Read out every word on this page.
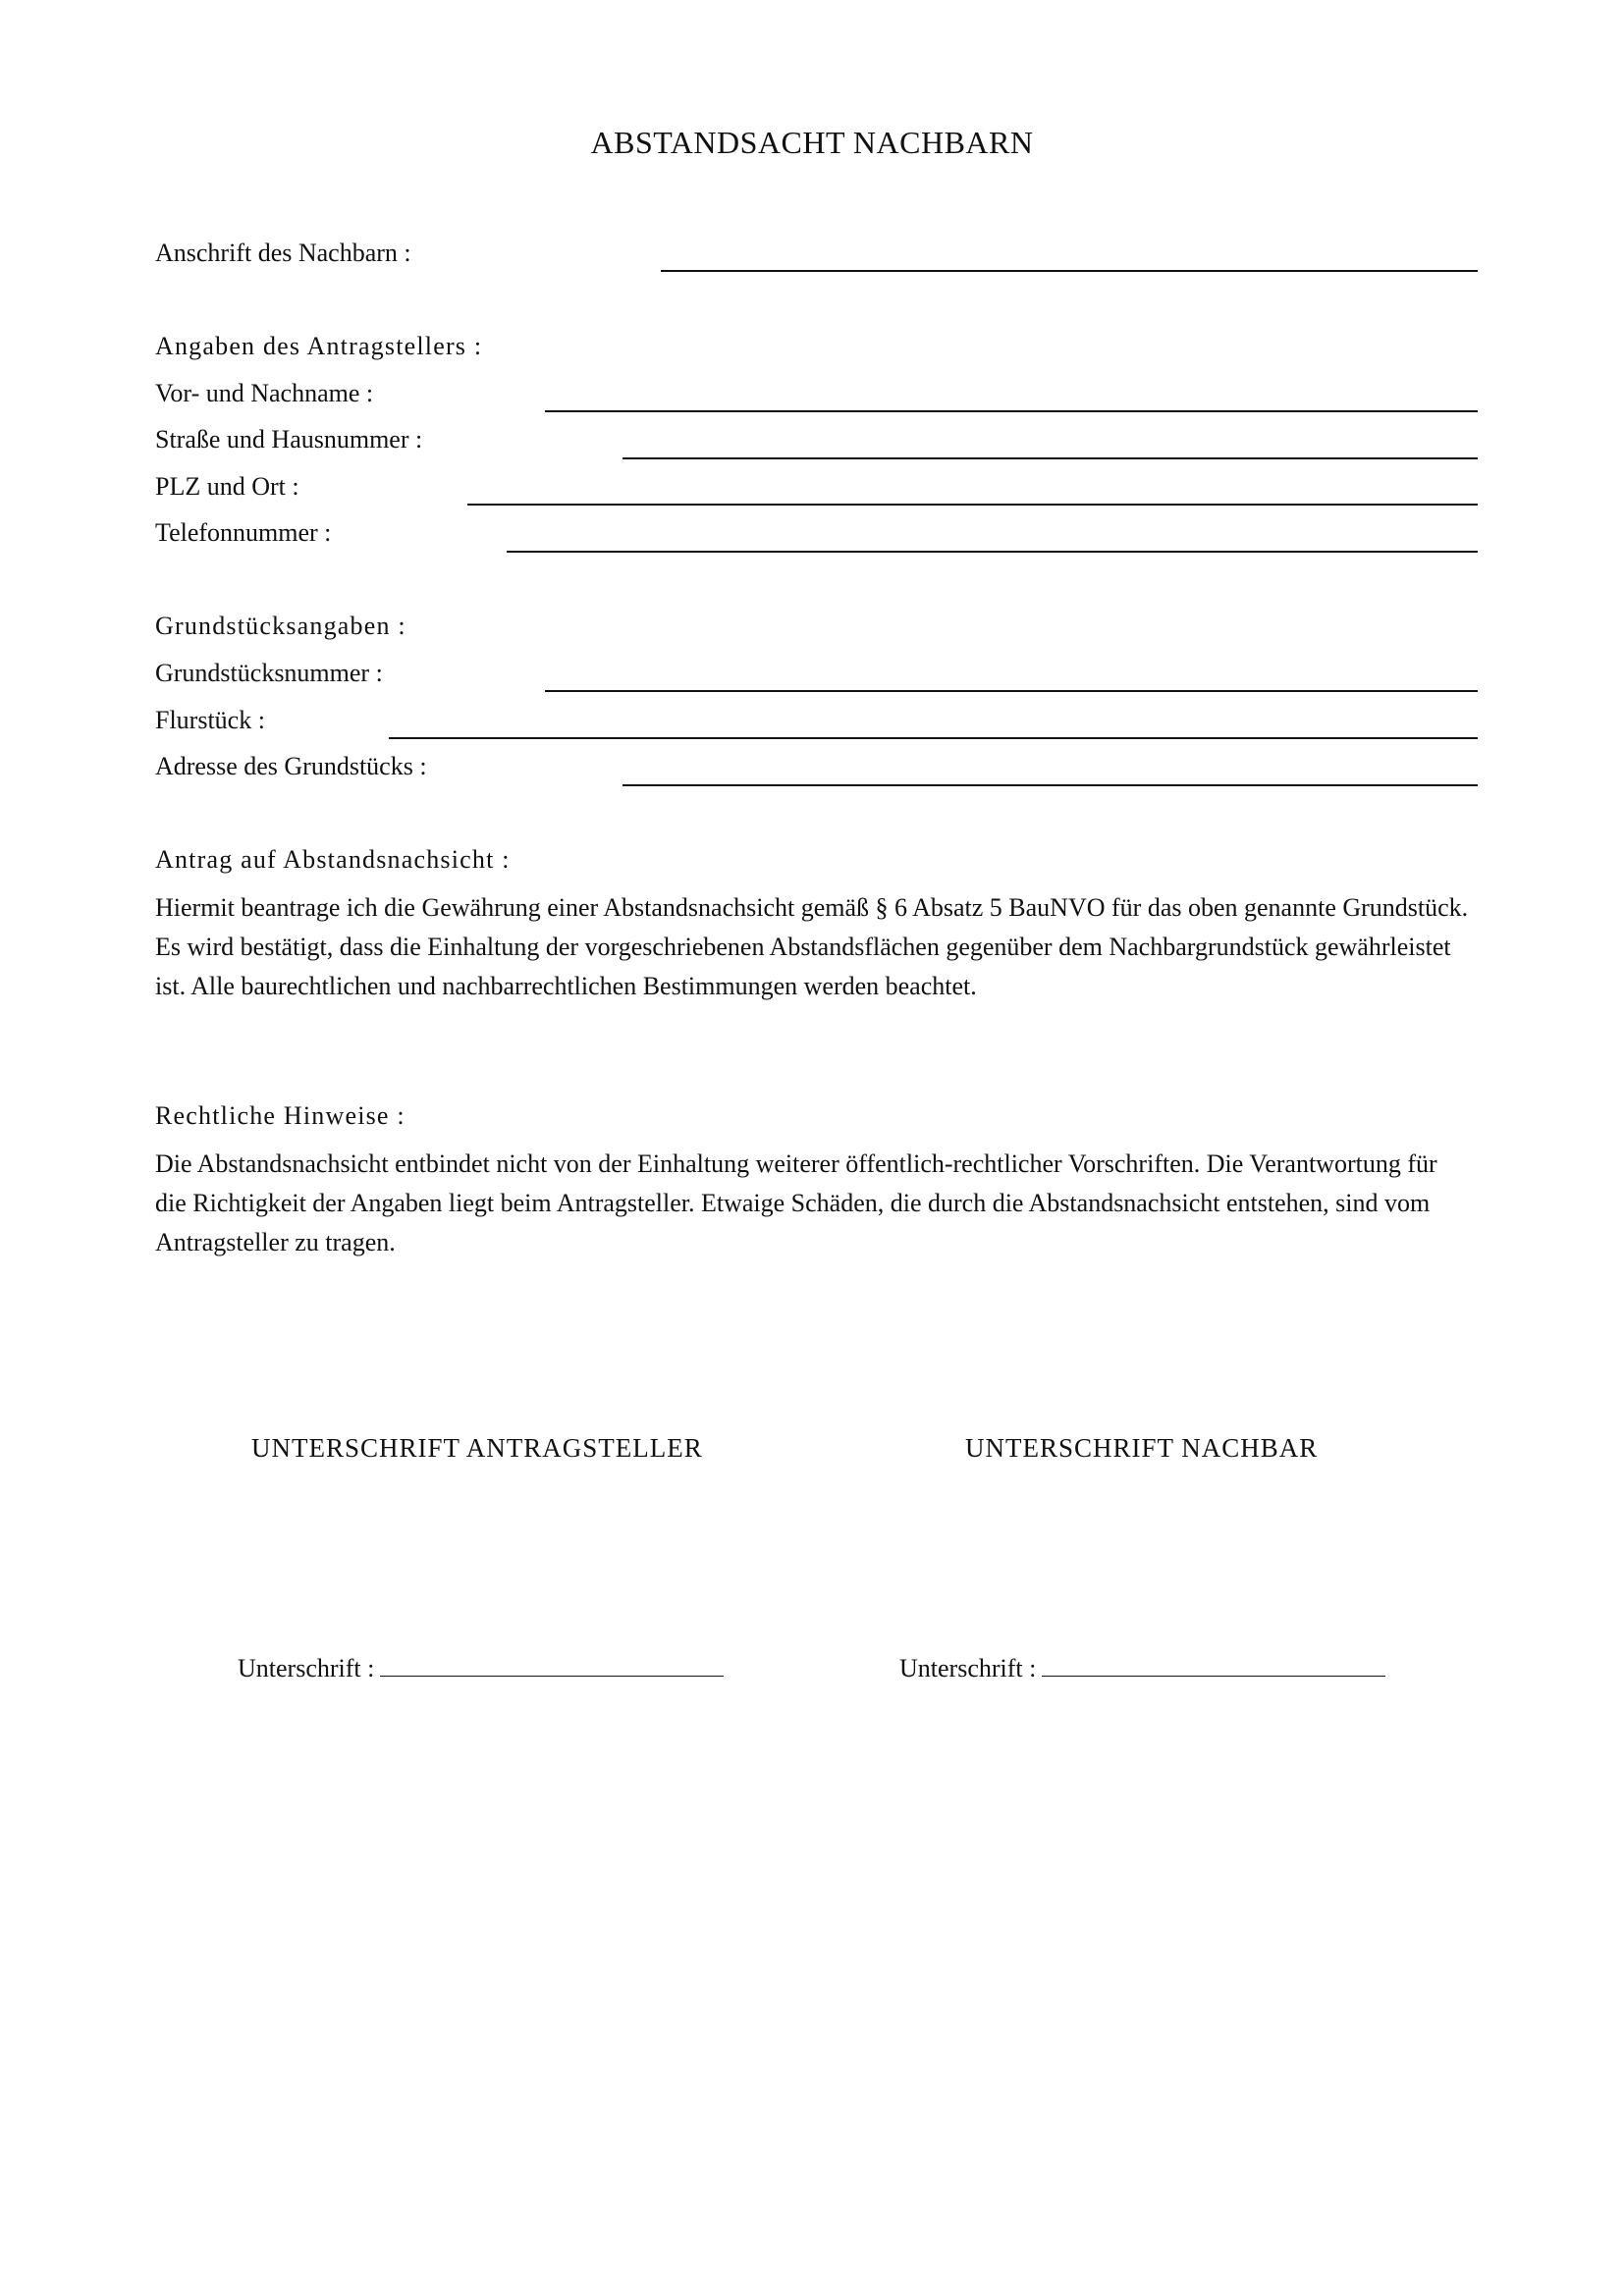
ABSTANDSACHT NACHBARN
Anschrift des Nachbarn :
Angaben des Antragstellers :
Vor- und Nachname :
Straße und Hausnummer :
PLZ und Ort :
Telefonnummer :
Grundstücksangaben :
Grundstücksnummer :
Flurstück :
Adresse des Grundstücks :
Antrag auf Abstandsnachsicht :
Hiermit beantrage ich die Gewährung einer Abstandsnachsicht gemäß § 6 Absatz 5 BauNVO für das oben genannte Grundstück. Es wird bestätigt, dass die Einhaltung der vorgeschriebenen Abstandsflächen gegenüber dem Nachbargrundstück gewährleistet ist. Alle baurechtlichen und nachbarrechtlichen Bestimmungen werden beachtet.
Rechtliche Hinweise :
Die Abstandsnachsicht entbindet nicht von der Einhaltung weiterer öffentlich-rechtlicher Vorschriften. Die Verantwortung für die Richtigkeit der Angaben liegt beim Antragsteller. Etwaige Schäden, die durch die Abstandsnachsicht entstehen, sind vom Antragsteller zu tragen.
UNTERSCHRIFT ANTRAGSTELLER	UNTERSCHRIFT NACHBAR
Unterschrift :	Unterschrift :
